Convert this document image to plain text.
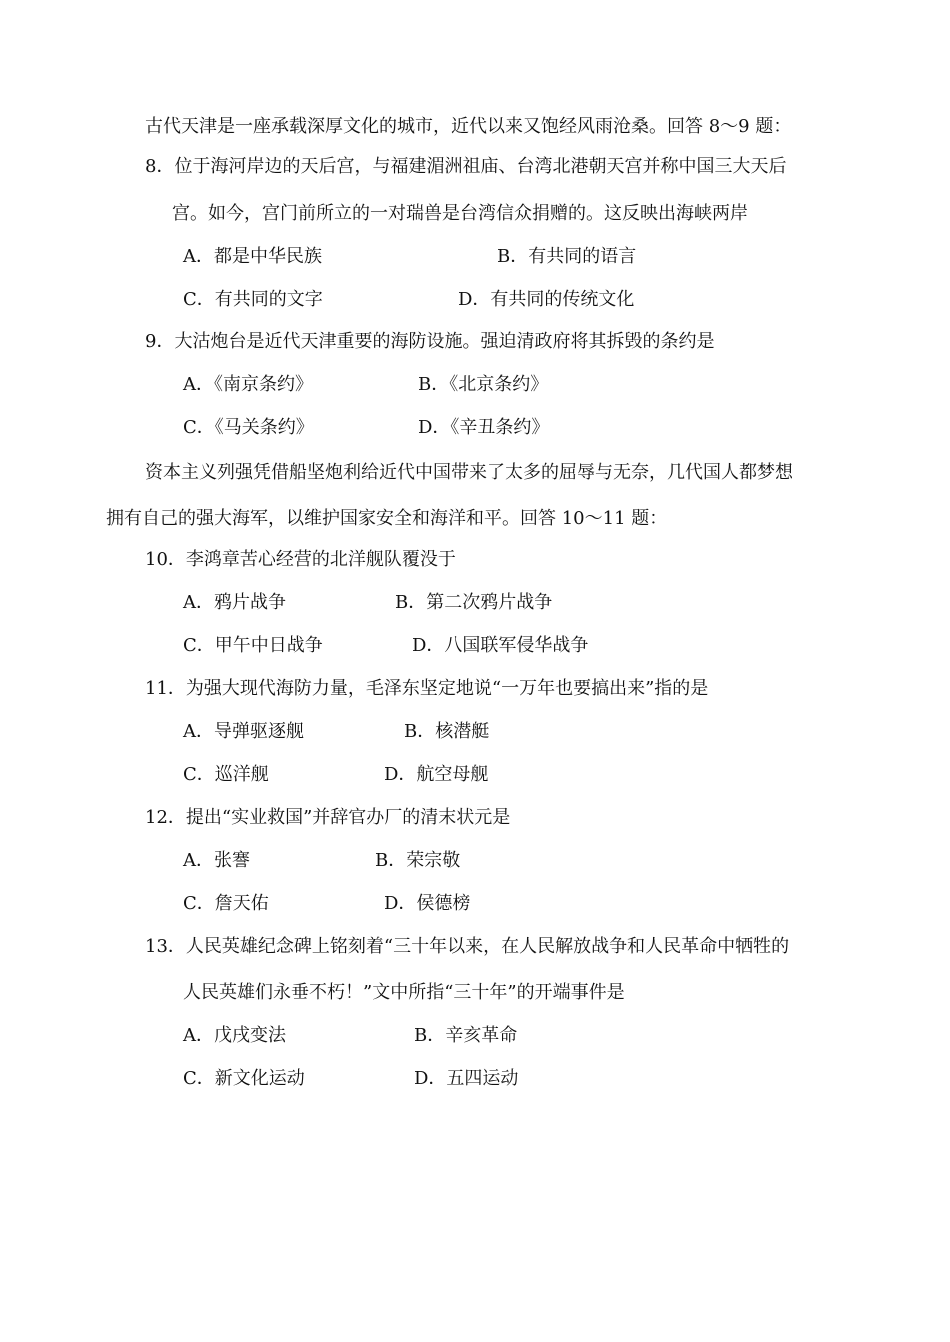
古代天津是一座承载深厚文化的城市，近代以来又饱经风雨沧桑。回答 8～9 题：
8．位于海河岸边的天后宫，与福建湄洲祖庙、台湾北港朝天宫并称中国三大天后
宫。如今，宫门前所立的一对瑞兽是台湾信众捐赠的。这反映出海峡两岸
A．都是中华民族	B．有共同的语言
C．有共同的文字	D．有共同的传统文化
9．大沽炮台是近代天津重要的海防设施。强迫清政府将其拆毁的条约是
A．《南京条约》	B．《北京条约》
C．《马关条约》	D．《辛丑条约》
资本主义列强凭借船坚炮利给近代中国带来了太多的屈辱与无奈，几代国人都梦想
拥有自己的强大海军，以维护国家安全和海洋和平。回答 10～11 题：
10．李鸿章苦心经营的北洋舰队覆没于
A．鸦片战争	B．第二次鸦片战争
C．甲午中日战争	D．八国联军侵华战争
11．为强大现代海防力量，毛泽东坚定地说“一万年也要搞出来”指的是
A．导弹驱逐舰	B．核潜艇
C．巡洋舰	D．航空母舰
12．提出“实业救国”并辞官办厂的清末状元是
A．张謇	B．荣宗敬
C．詹天佑	D．侯德榜
13．人民英雄纪念碑上铭刻着“三十年以来，在人民解放战争和人民革命中牺牲的
人民英雄们永垂不朽！”文中所指“三十年”的开端事件是
A．戊戌变法	B．辛亥革命
C．新文化运动	D．五四运动
